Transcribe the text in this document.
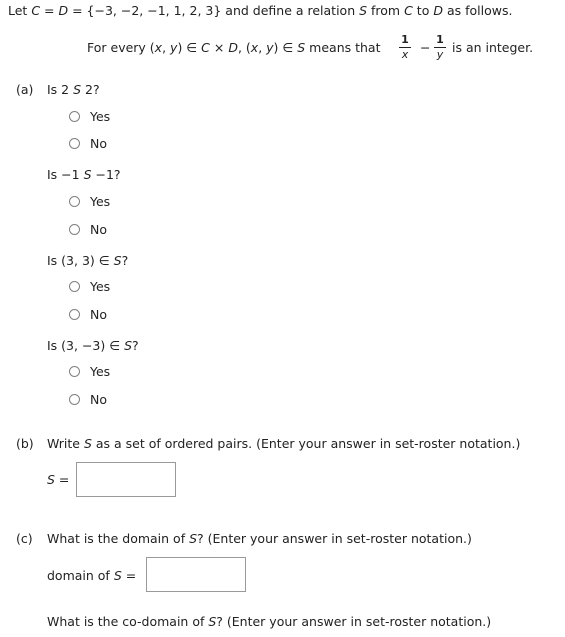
Let C = D = {−3, −2, −1, 1, 2, 3} and define a relation S from C to D as follows.
For every (x, y) ∈ C × D, (x, y) ∈ S means that
1
x −
1
y is an integer.
(a) Is 2 S 2?
Yes
No
Is −1 S −1?
Yes
No
Is (3, 3) ∈ S?
Yes
No
Is (3, −3) ∈ S?
Yes
No
(b) Write S as a set of ordered pairs. (Enter your answer in set-roster notation.)
S =
(c) What is the domain of S? (Enter your answer in set-roster notation.)
domain of S =
What is the co-domain of S? (Enter your answer in set-roster notation.)
